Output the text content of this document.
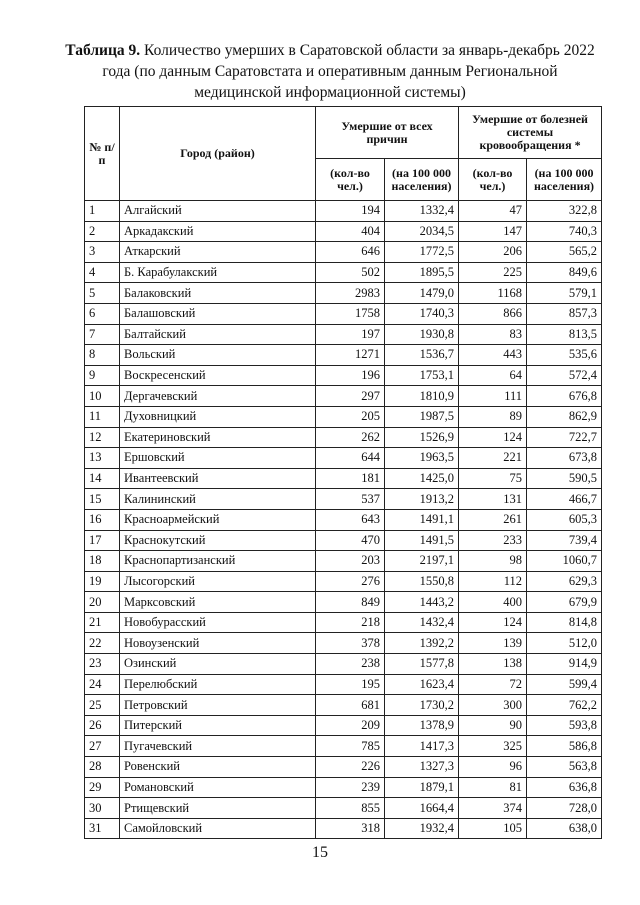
Таблица 9. Количество умерших в Саратовской области за январь-декабрь 2022 года (по данным Саратовстата и оперативным данным Региональной медицинской информационной системы)
№ п/п	Город (район)	Умершие от всех причин		Умершие от болезней системы кровообращения *	
		(кол-во чел.)	(на 100 000 населения)	(кол-во чел.)	(на 100 000 населения)
1	Алгайский	194	1332,4	47	322,8
2	Аркадакский	404	2034,5	147	740,3
3	Аткарский	646	1772,5	206	565,2
4	Б. Карабулакский	502	1895,5	225	849,6
5	Балаковский	2983	1479,0	1168	579,1
6	Балашовский	1758	1740,3	866	857,3
7	Балтайский	197	1930,8	83	813,5
8	Вольский	1271	1536,7	443	535,6
9	Воскресенский	196	1753,1	64	572,4
10	Дергачевский	297	1810,9	111	676,8
11	Духовницкий	205	1987,5	89	862,9
12	Екатериновский	262	1526,9	124	722,7
13	Ершовский	644	1963,5	221	673,8
14	Ивантеевский	181	1425,0	75	590,5
15	Калининский	537	1913,2	131	466,7
16	Красноармейский	643	1491,1	261	605,3
17	Краснокутский	470	1491,5	233	739,4
18	Краснопартизанский	203	2197,1	98	1060,7
19	Лысогорский	276	1550,8	112	629,3
20	Марксовский	849	1443,2	400	679,9
21	Новобурасский	218	1432,4	124	814,8
22	Новоузенский	378	1392,2	139	512,0
23	Озинский	238	1577,8	138	914,9
24	Перелюбский	195	1623,4	72	599,4
25	Петровский	681	1730,2	300	762,2
26	Питерский	209	1378,9	90	593,8
27	Пугачевский	785	1417,3	325	586,8
28	Ровенский	226	1327,3	96	563,8
29	Романовский	239	1879,1	81	636,8
30	Ртищевский	855	1664,4	374	728,0
31	Самойловский	318	1932,4	105	638,0
15
